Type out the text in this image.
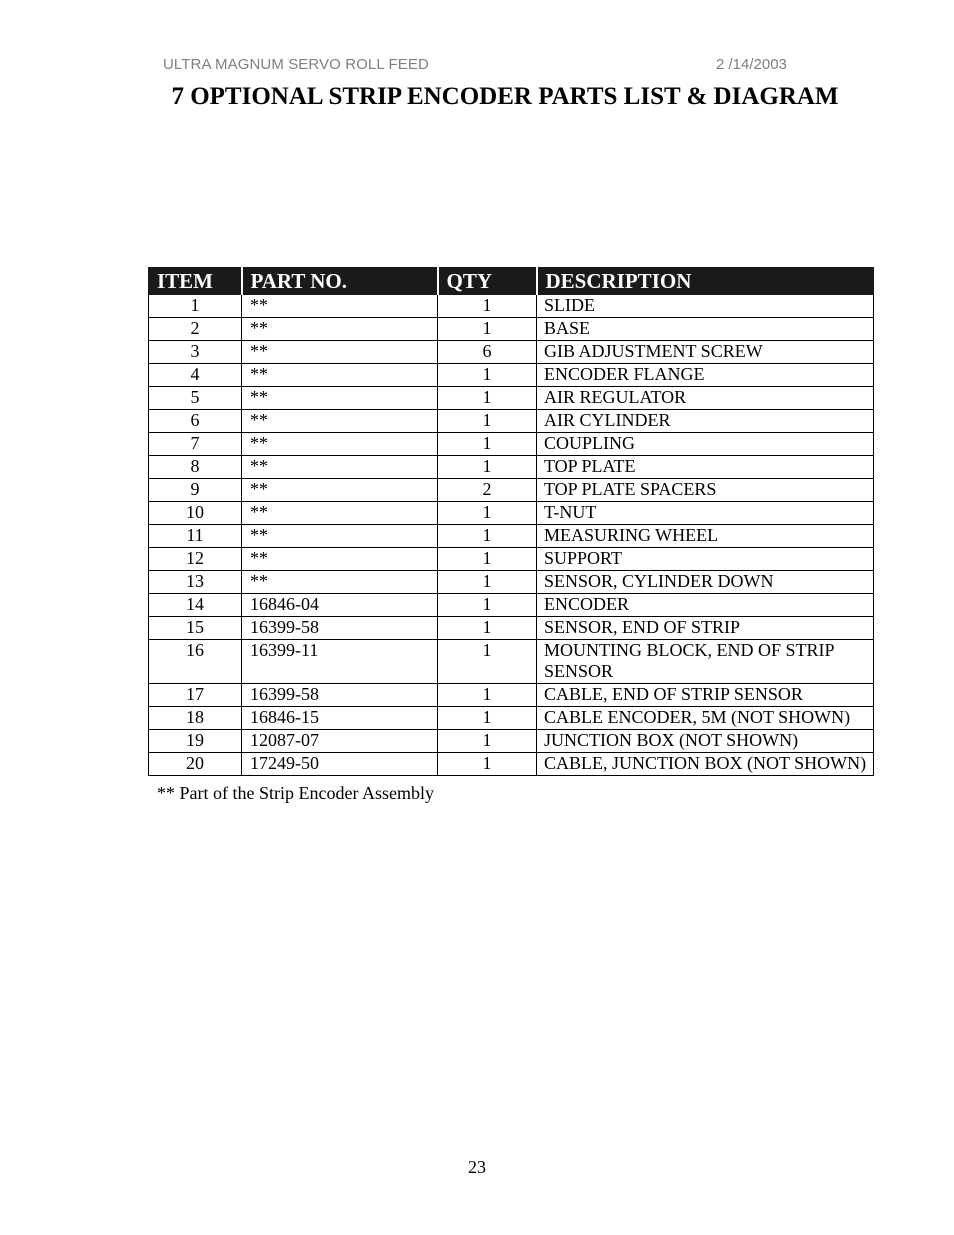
ULTRA MAGNUM SERVO ROLL FEED	2 /14/2003
7 OPTIONAL STRIP ENCODER PARTS LIST & DIAGRAM
ITEM	PART NO.	QTY	DESCRIPTION
1	**	1	SLIDE
2	**	1	BASE
3	**	6	GIB ADJUSTMENT SCREW
4	**	1	ENCODER FLANGE
5	**	1	AIR REGULATOR
6	**	1	AIR CYLINDER
7	**	1	COUPLING
8	**	1	TOP PLATE
9	**	2	TOP PLATE SPACERS
10	**	1	T-NUT
11	**	1	MEASURING WHEEL
12	**	1	SUPPORT
13	**	1	SENSOR, CYLINDER DOWN
14	16846-04	1	ENCODER
15	16399-58	1	SENSOR, END OF STRIP
16	16399-11	1	MOUNTING BLOCK, END OF STRIP SENSOR
17	16399-58	1	CABLE, END OF STRIP SENSOR
18	16846-15	1	CABLE ENCODER, 5M (NOT SHOWN)
19	12087-07	1	JUNCTION BOX (NOT SHOWN)
20	17249-50	1	CABLE, JUNCTION BOX (NOT SHOWN)
** Part of the Strip Encoder Assembly
23
